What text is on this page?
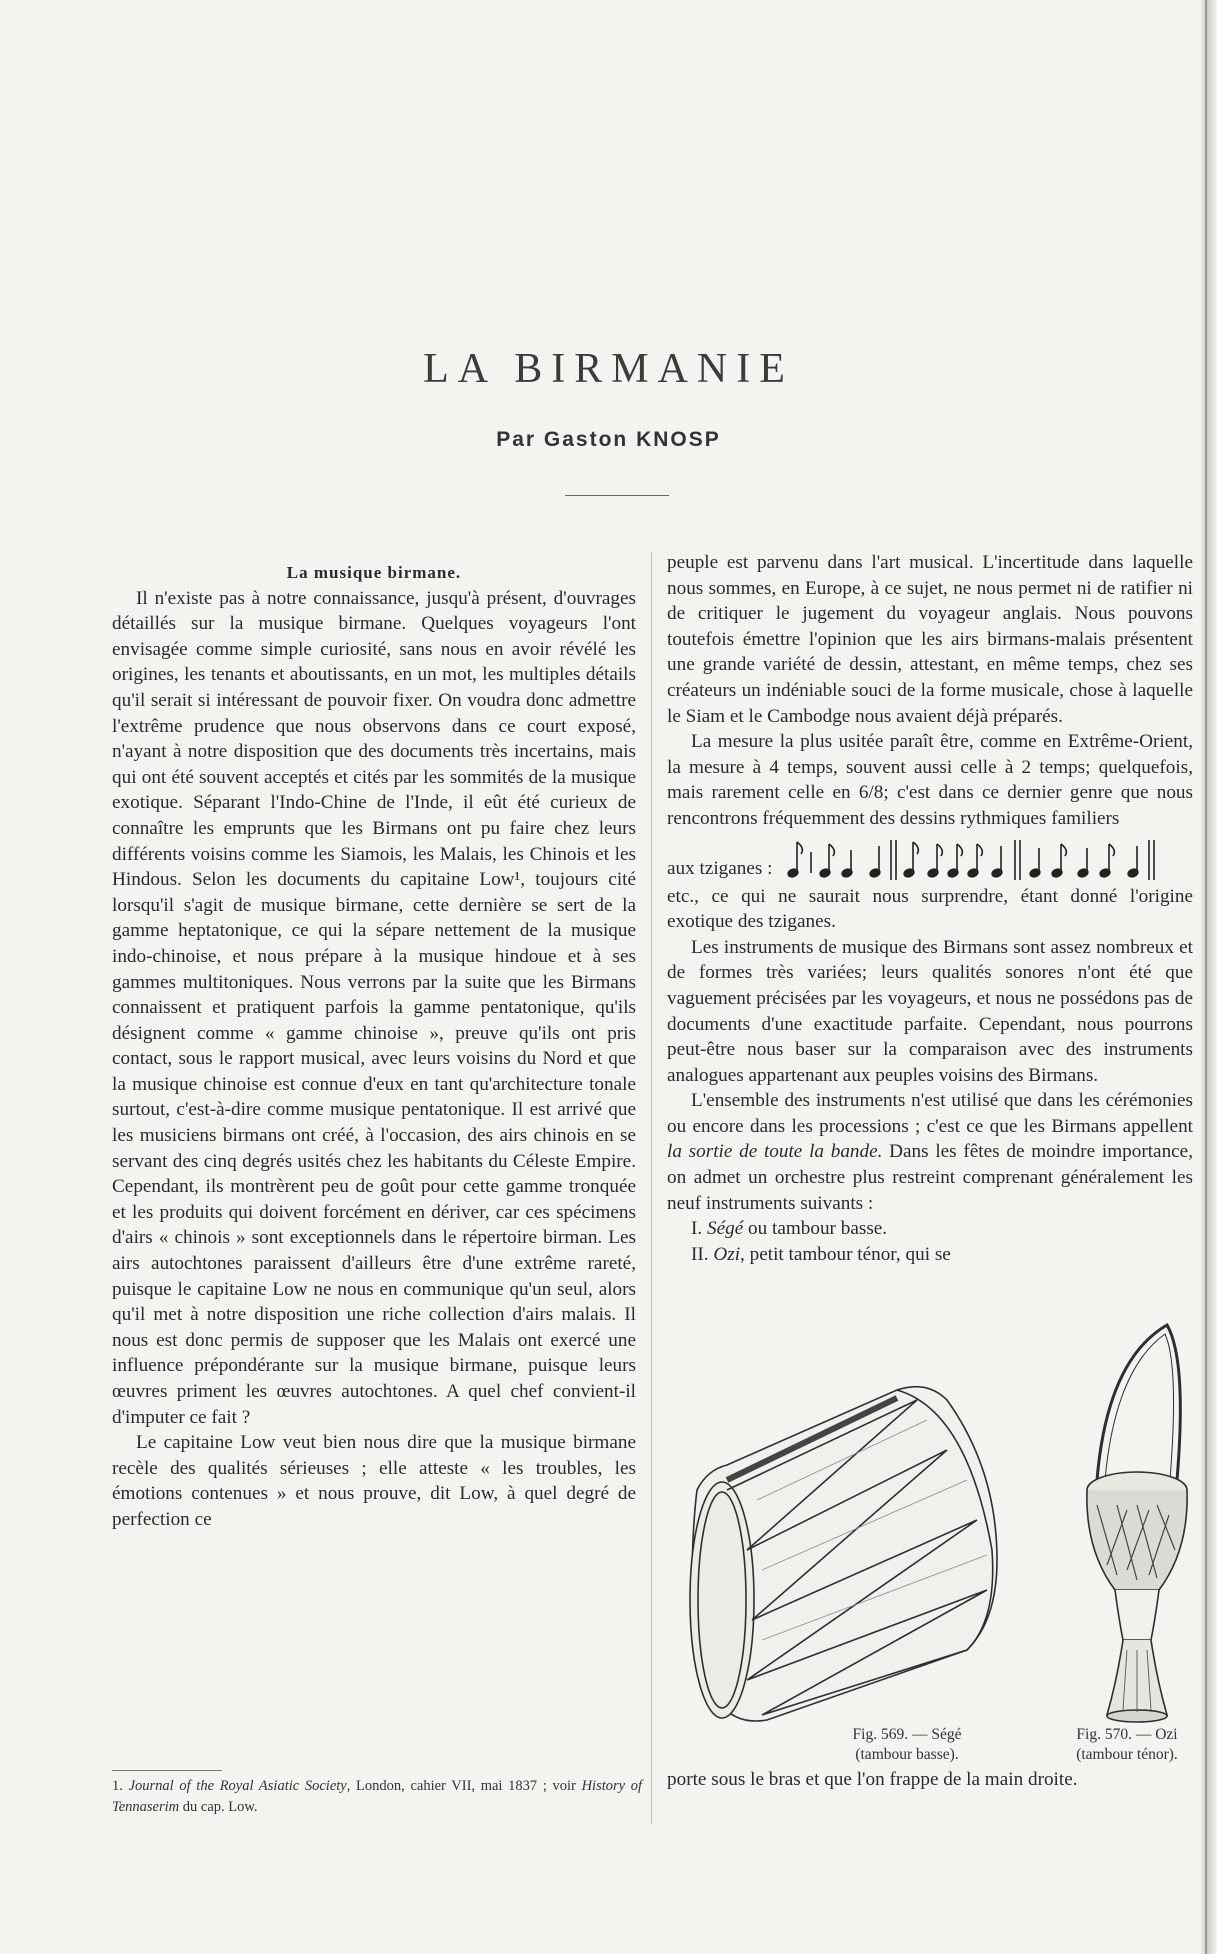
LA BIRMANIE
Par Gaston KNOSP

La musique birmane.

Il n'existe pas à notre connaissance, jusqu'à présent, d'ouvrages détaillés sur la musique birmane. Quelques voyageurs l'ont envisagée comme simple curiosité, sans nous en avoir révélé les origines, les tenants et aboutissants, en un mot, les multiples détails qu'il serait si intéressant de pouvoir fixer. On voudra donc admettre l'extrême prudence que nous observons dans ce court exposé, n'ayant à notre disposition que des documents très incertains, mais qui ont été souvent acceptés et cités par les sommités de la musique exotique. Séparant l'Indo-Chine de l'Inde, il eût été curieux de connaître les emprunts que les Birmans ont pu faire chez leurs différents voisins comme les Siamois, les Malais, les Chinois et les Hindous. Selon les documents du capitaine Low¹, toujours cité lorsqu'il s'agit de musique birmane, cette dernière se sert de la gamme heptatonique, ce qui la sépare nettement de la musique indo-chinoise, et nous prépare à la musique hindoue et à ses gammes multitoniques. Nous verrons par la suite que les Birmans connaissent et pratiquent parfois la gamme pentatonique, qu'ils désignent comme « gamme chinoise », preuve qu'ils ont pris contact, sous le rapport musical, avec leurs voisins du Nord et que la musique chinoise est connue d'eux en tant qu'architecture tonale surtout, c'est-à-dire comme musique pentatonique. Il est arrivé que les musiciens birmans ont créé, à l'occasion, des airs chinois en se servant des cinq degrés usités chez les habitants du Céleste Empire. Cependant, ils montrèrent peu de goût pour cette gamme tronquée et les produits qui doivent forcément en dériver, car ces spécimens d'airs « chinois » sont exceptionnels dans le répertoire birman. Les airs autochtones paraissent d'ailleurs être d'une extrême rareté, puisque le capitaine Low ne nous en communique qu'un seul, alors qu'il met à notre disposition une riche collection d'airs malais. Il nous est donc permis de supposer que les Malais ont exercé une influence prépondérante sur la musique birmane, puisque leurs œuvres priment les œuvres autochtones. A quel chef convient-il d'imputer ce fait ?

Le capitaine Low veut bien nous dire que la musique birmane recèle des qualités sérieuses ; elle atteste « les troubles, les émotions contenues » et nous prouve, dit Low, à quel degré de perfection ce

peuple est parvenu dans l'art musical. L'incertitude dans laquelle nous sommes, en Europe, à ce sujet, ne nous permet ni de ratifier ni de critiquer le jugement du voyageur anglais. Nous pouvons toutefois émettre l'opinion que les airs birmans-malais présentent une grande variété de dessin, attestant, en même temps, chez ses créateurs un indéniable souci de la forme musicale, chose à laquelle le Siam et le Cambodge nous avaient déjà préparés.

La mesure la plus usitée paraît être, comme en Extrême-Orient, la mesure à 4 temps, souvent aussi celle à 2 temps; quelquefois, mais rarement celle en 6/8; c'est dans ce dernier genre que nous rencontrons fréquemment des dessins rythmiques familiers

aux tziganes :

etc., ce qui ne saurait nous surprendre, étant donné l'origine exotique des tziganes.

Les instruments de musique des Birmans sont assez nombreux et de formes très variées; leurs qualités sonores n'ont été que vaguement précisées par les voyageurs, et nous ne possédons pas de documents d'une exactitude parfaite. Cependant, nous pourrons peut-être nous baser sur la comparaison avec des instruments analogues appartenant aux peuples voisins des Birmans.

L'ensemble des instruments n'est utilisé que dans les cérémonies ou encore dans les processions ; c'est ce que les Birmans appellent la sortie de toute la bande. Dans les fêtes de moindre importance, on admet un orchestre plus restreint comprenant généralement les neuf instruments suivants :

I. Ségé ou tambour basse.

II. Ozi, petit tambour ténor, qui se

Fig. 569. — Ségé
(tambour basse).
Fig. 570. — Ozi
(tambour ténor).
1. Journal of the Royal Asiatic Society, London, cahier VII, mai 1837 ; voir History of Tennaserim du cap. Low.
porte sous le bras et que l'on frappe de la main droite.
